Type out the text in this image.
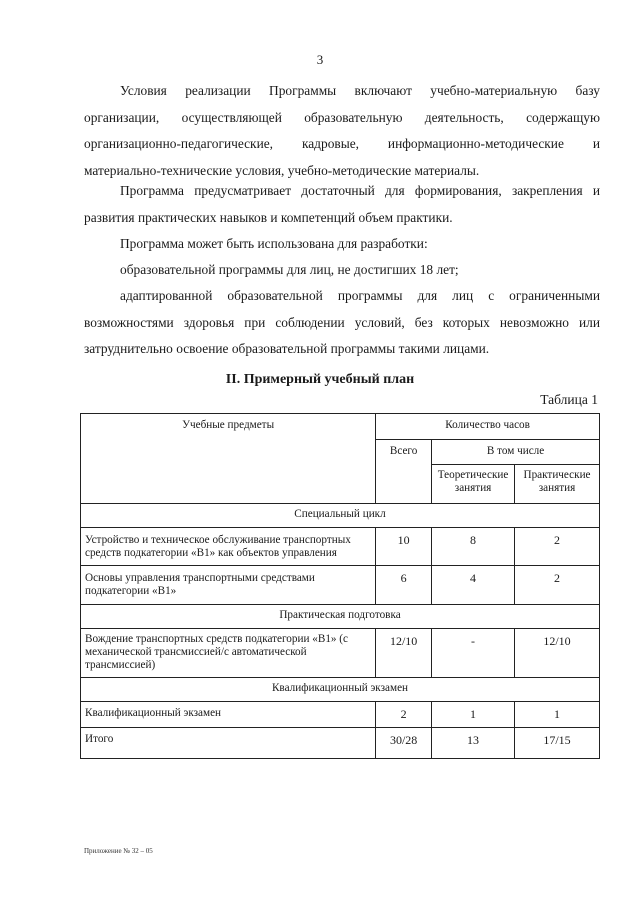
3
Условия реализации Программы включают учебно-материальную базу организации, осуществляющей образовательную деятельность, содержащую организационно-педагогические, кадровые, информационно-методические и материально-технические условия, учебно-методические материалы.
Программа предусматривает достаточный для формирования, закрепления и развития практических навыков и компетенций объем практики.
Программа может быть использована для разработки:
образовательной программы для лиц, не достигших 18 лет;
адаптированной образовательной программы для лиц с ограниченными возможностями здоровья при соблюдении условий, без которых невозможно или затруднительно освоение образовательной программы такими лицами.
II. Примерный учебный план
Таблица 1
Учебные предметы	Количество часов		
	Всего	В том числе	
		Теоретические занятия	Практические занятия
Специальный цикл			
Устройство и техническое обслуживание транспортных средств подкатегории «В1» как объектов управления	10	8	2
Основы управления транспортными средствами подкатегории «В1»	6	4	2
Практическая подготовка			
Вождение транспортных средств подкатегории «В1» (с механической трансмиссией/с автоматической трансмиссией)	12/10	-	12/10
Квалификационный экзамен			
Квалификационный экзамен	2	1	1
Итого	30/28	13	17/15
Приложение № 32 – 05
